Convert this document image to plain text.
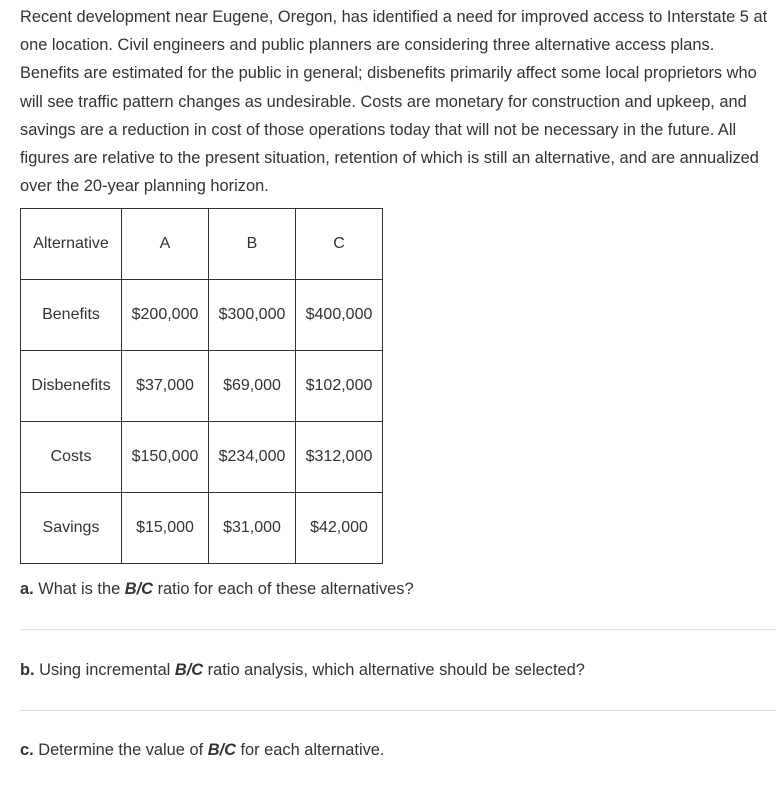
Recent development near Eugene, Oregon, has identified a need for improved access to Interstate 5 at one location. Civil engineers and public planners are considering three alternative access plans. Benefits are estimated for the public in general; disbenefits primarily affect some local proprietors who will see traffic pattern changes as undesirable. Costs are monetary for construction and upkeep, and savings are a reduction in cost of those operations today that will not be necessary in the future. All figures are relative to the present situation, retention of which is still an alternative, and are annualized over the 20-year planning horizon.

Alternative	A	B	C
Benefits	$200,000	$300,000	$400,000
Disbenefits	$37,000	$69,000	$102,000
Costs	$150,000	$234,000	$312,000
Savings	$15,000	$31,000	$42,000

a. What is the B/C ratio for each of these alternatives?

b. Using incremental B/C ratio analysis, which alternative should be selected?

c. Determine the value of B/C for each alternative.
